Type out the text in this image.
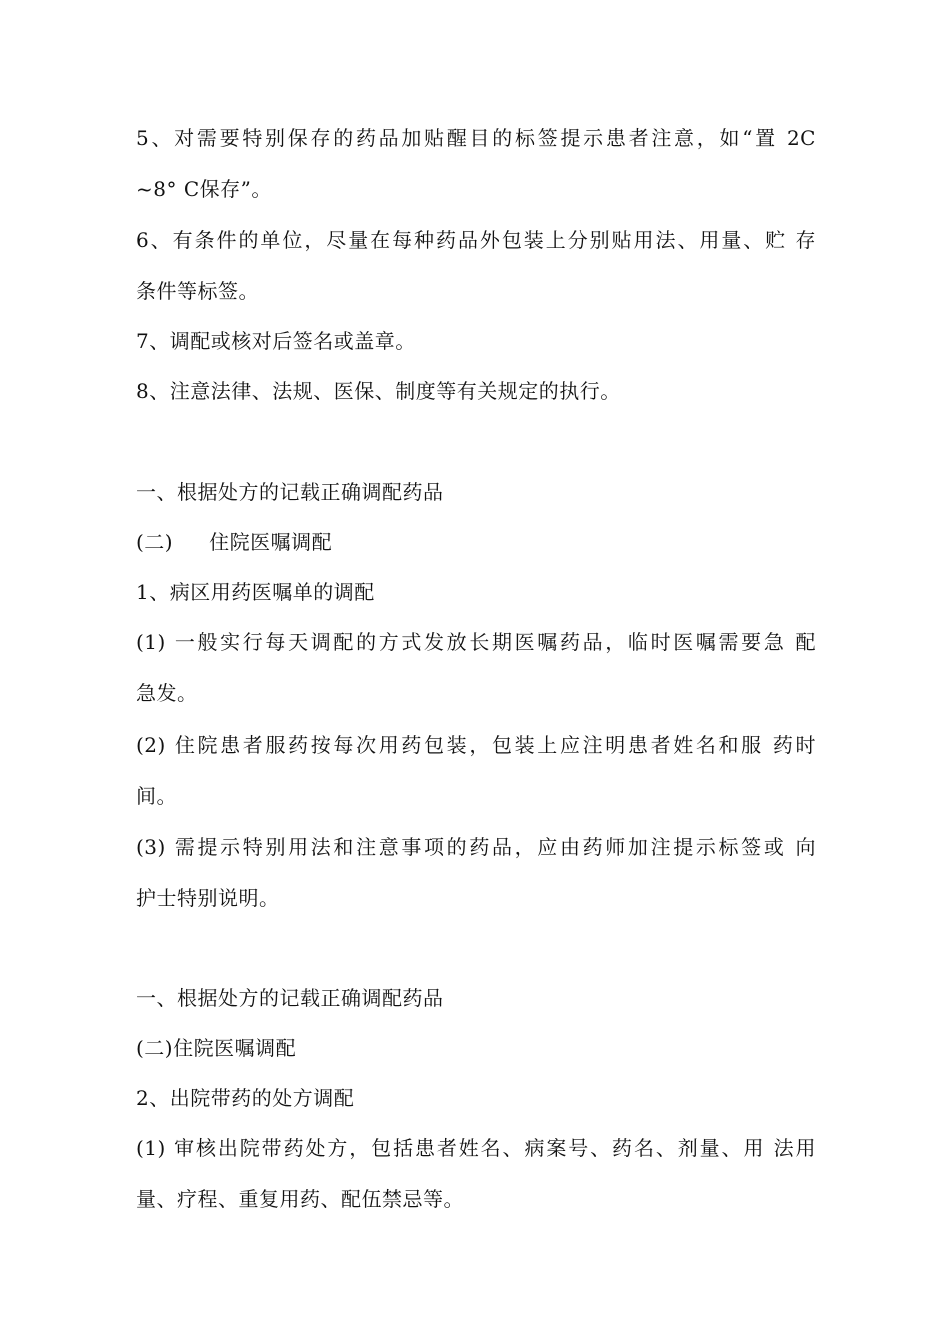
5、对需要特别保存的药品加贴醒目的标签提示患者注意，如“置 2C
~8° C保存”。
6、有条件的单位，尽量在每种药品外包装上分别贴用法、用量、贮 存
条件等标签。
7、调配或核对后签名或盖章。
8、注意法律、法规、医保、制度等有关规定的执行。
一、根据处方的记载正确调配药品
(二) 住院医嘱调配
1、病区用药医嘱单的调配
(1) 一般实行每天调配的方式发放长期医嘱药品，临时医嘱需要急 配
急发。
(2) 住院患者服药按每次用药包装，包装上应注明患者姓名和服 药时
间。
(3) 需提示特别用法和注意事项的药品，应由药师加注提示标签或 向
护士特别说明。
一、根据处方的记载正确调配药品
(二)住院医嘱调配
2、出院带药的处方调配
(1) 审核出院带药处方，包括患者姓名、病案号、药名、剂量、用 法用
量、疗程、重复用药、配伍禁忌等。
